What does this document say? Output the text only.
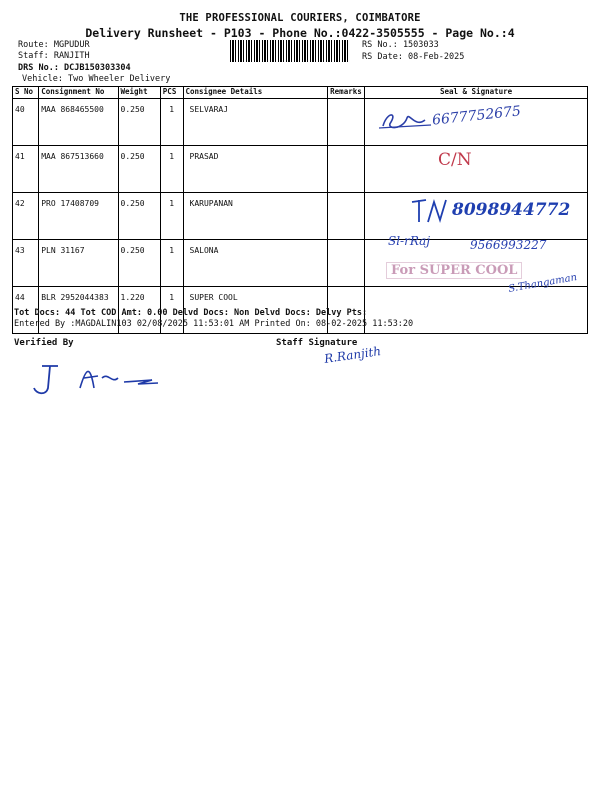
THE PROFESSIONAL COURIERS, COIMBATORE
Delivery Runsheet - P103 - Phone No.:0422-3505555 - Page No.:4
Route: MGPUDUR
Staff: RANJITH
DRS No.: DCJB150303304
Vehicle: Two Wheeler Delivery
RS No.: 1503033
RS Date: 08-Feb-2025
S No	Consignment No	Weight	PCS	Consignee Details	Remarks	Seal & Signature
40	MAA 868465500	0.250	1	SELVARAJ		
41	MAA 867513660	0.250	1	PRASAD		
42	PRO 17408709	0.250	1	KARUPANAN		
43	PLN 31167	0.250	1	SALONA		
44	BLR 2952044383	1.220	1	SUPER COOL		
6677752675
C/N
8098944772
Sl-rRaj	9566993227
For SUPER COOL
S.Thangaman
Tot Docs: 44 Tot COD Amt: 0.00 Delvd Docs: Non Delvd Docs: Delvy Pts:
Entered By :MAGDALIN103 02/08/2025 11:53:01 AM Printed On: 08-02-2025 11:53:20
Verified By	Staff Signature
R.Ranjith
